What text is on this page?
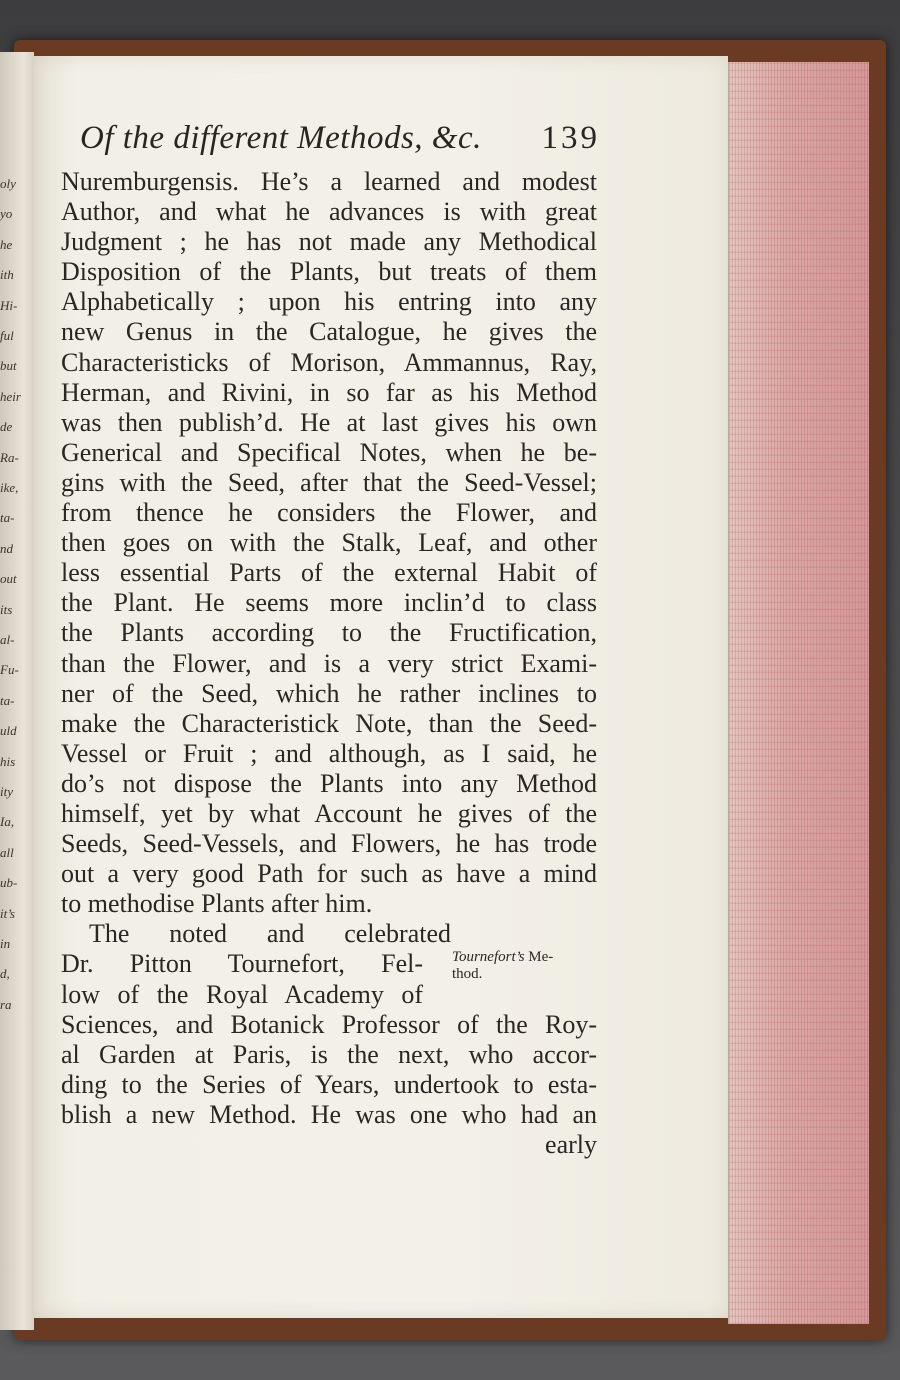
oly
yo
he
ith
Hi-
ful
but
heir
de
Ra-
ike,
ta-
nd
out
its
al-
Fu-
ta-
uld
his
ity
Ia,
all
ub-
it’s
in
d,
ra
Of the different Methods, &c. 139
Nuremburgensis. He’s a learned and modest
Author, and what he advances is with great
Judgment ; he has not made any Methodical
Disposition of the Plants, but treats of them
Alphabetically ; upon his entring into any
new Genus in the Catalogue, he gives the
Characteristicks of Morison, Ammannus, Ray,
Herman, and Rivini, in so far as his Method
was then publish’d. He at last gives his own
Generical and Specifical Notes, when he be-
gins with the Seed, after that the Seed-Vessel;
from thence he considers the Flower, and
then goes on with the Stalk, Leaf, and other
less essential Parts of the external Habit of
the Plant. He seems more inclin’d to class
the Plants according to the Fructification,
than the Flower, and is a very strict Exami-
ner of the Seed, which he rather inclines to
make the Characteristick Note, than the Seed-
Vessel or Fruit ; and although, as I said, he
do’s not dispose the Plants into any Method
himself, yet by what Account he gives of the
Seeds, Seed-Vessels, and Flowers, he has trode
out a very good Path for such as have a mind
to methodise Plants after him.
The noted and celebrated
Dr. Pitton Tournefort, Fel-
low of the Royal Academy of
Sciences, and Botanick Professor of the Roy-
al Garden at Paris, is the next, who accor-
ding to the Series of Years, undertook to esta-
blish a new Method. He was one who had an
early
Tournefort’s Me-
thod.
